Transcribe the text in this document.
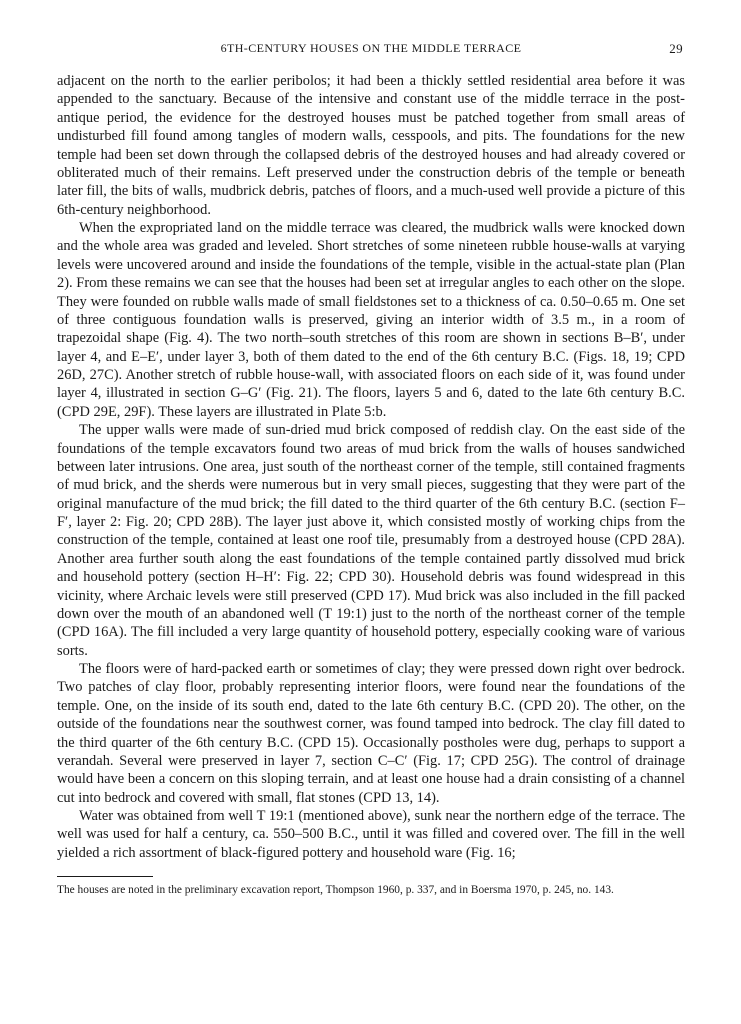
6TH-CENTURY HOUSES ON THE MIDDLE TERRACE	29

adjacent on the north to the earlier peribolos; it had been a thickly settled residential area before it was appended to the sanctuary. Because of the intensive and constant use of the middle terrace in the post-antique period, the evidence for the destroyed houses must be patched together from small areas of undisturbed fill found among tangles of modern walls, cesspools, and pits. The foundations for the new temple had been set down through the collapsed debris of the destroyed houses and had already covered or obliterated much of their remains. Left preserved under the construction debris of the temple or beneath later fill, the bits of walls, mudbrick debris, patches of floors, and a much-used well provide a picture of this 6th-century neighborhood.

When the expropriated land on the middle terrace was cleared, the mudbrick walls were knocked down and the whole area was graded and leveled. Short stretches of some nineteen rubble house-walls at varying levels were uncovered around and inside the foundations of the temple, visible in the actual-state plan (Plan 2). From these remains we can see that the houses had been set at irregular angles to each other on the slope. They were founded on rubble walls made of small fieldstones set to a thickness of ca. 0.50–0.65 m. One set of three contiguous foundation walls is preserved, giving an interior width of 3.5 m., in a room of trapezoidal shape (Fig. 4). The two north–south stretches of this room are shown in sections B–B′, under layer 4, and E–E′, under layer 3, both of them dated to the end of the 6th century B.C. (Figs. 18, 19; CPD 26D, 27C). Another stretch of rubble house-wall, with associated floors on each side of it, was found under layer 4, illustrated in section G–G′ (Fig. 21). The floors, layers 5 and 6, dated to the late 6th century B.C. (CPD 29E, 29F). These layers are illustrated in Plate 5:b.

The upper walls were made of sun-dried mud brick composed of reddish clay. On the east side of the foundations of the temple excavators found two areas of mud brick from the walls of houses sandwiched between later intrusions. One area, just south of the northeast corner of the temple, still contained fragments of mud brick, and the sherds were numerous but in very small pieces, suggesting that they were part of the original manufacture of the mud brick; the fill dated to the third quarter of the 6th century B.C. (section F–F′, layer 2: Fig. 20; CPD 28B). The layer just above it, which consisted mostly of working chips from the construction of the temple, contained at least one roof tile, presumably from a destroyed house (CPD 28A). Another area further south along the east foundations of the temple contained partly dissolved mud brick and household pottery (section H–H′: Fig. 22; CPD 30). Household debris was found widespread in this vicinity, where Archaic levels were still preserved (CPD 17). Mud brick was also included in the fill packed down over the mouth of an abandoned well (T 19:1) just to the north of the northeast corner of the temple (CPD 16A). The fill included a very large quantity of household pottery, especially cooking ware of various sorts.

The floors were of hard-packed earth or sometimes of clay; they were pressed down right over bedrock. Two patches of clay floor, probably representing interior floors, were found near the foundations of the temple. One, on the inside of its south end, dated to the late 6th century B.C. (CPD 20). The other, on the outside of the foundations near the southwest corner, was found tamped into bedrock. The clay fill dated to the third quarter of the 6th century B.C. (CPD 15). Occasionally postholes were dug, perhaps to support a verandah. Several were preserved in layer 7, section C–C′ (Fig. 17; CPD 25G). The control of drainage would have been a concern on this sloping terrain, and at least one house had a drain consisting of a channel cut into bedrock and covered with small, flat stones (CPD 13, 14).

Water was obtained from well T 19:1 (mentioned above), sunk near the northern edge of the terrace. The well was used for half a century, ca. 550–500 B.C., until it was filled and covered over. The fill in the well yielded a rich assortment of black-figured pottery and household ware (Fig. 16;

The houses are noted in the preliminary excavation report, Thompson 1960, p. 337, and in Boersma 1970, p. 245, no. 143.
